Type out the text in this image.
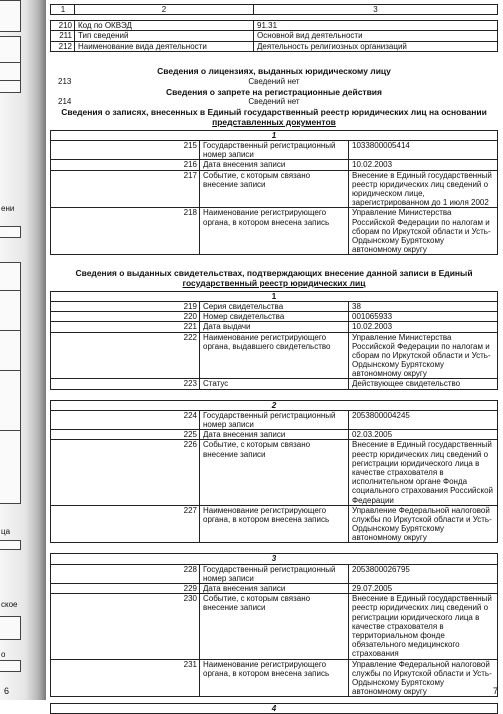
ени
ца
ское
о
6
1	2	3

210	Код по ОКВЭД	91.31
211	Тип сведений	Основной вид деятельности
212	Наименование вида деятельности	Деятельность религиозных организаций

Сведения о лицензиях, выданных юридическому лицу

213	Сведений нет

Сведения о запрете на регистрационные действия

214	Сведений нет

Сведения о записях, внесенных в Единый государственный реестр юридических лиц на основании

представленных документов

1		
215	Государственный регистрационный номер записи	1033800005414
216	Дата внесения записи	10.02.2003
217	Событие, с которым связано внесение записи	Внесение в Единый государственный реестр юридических лиц сведений о юридическом лице, зарегистрированном до 1 июля 2002
218	Наименование регистрирующего органа, в котором внесена запись	Управление Министерства Российской Федерации по налогам и сборам по Иркутской области и Усть-Ордынскому Бурятскому автономному округу

Сведения о выданных свидетельствах, подтверждающих внесение данной записи в Единый

государственный реестр юридических лиц

1		
219	Серия свидетельства	38
220	Номер свидетельства	001065933
221	Дата выдачи	10.02.2003
222	Наименование регистрирующего органа, выдавшего свидетельство	Управление Министерства Российской Федерации по налогам и сборам по Иркутской области и Усть-Ордынскому Бурятскому автономному округу
223	Статус	Действующее свидетельство
2		
224	Государственный регистрационный номер записи	2053800004245
225	Дата внесения записи	02.03.2005
226	Событие, с которым связано внесение записи	Внесение в Единый государственный реестр юридических лиц сведений о регистрации юридического лица в качестве страхователя в исполнительном органе Фонда социального страхования Российской Федерации
227	Наименование регистрирующего органа, в котором внесена запись	Управление Федеральной налоговой службы по Иркутской области и Усть-Ордынскому Бурятскому автономному округу
3		
228	Государственный регистрационный номер записи	2053800026795
229	Дата внесения записи	29.07.2005
230	Событие, с которым связано внесение записи	Внесение в Единый государственный реестр юридических лиц сведений о регистрации юридического лица в качестве страхователя в территориальном фонде обязательного медицинского страхования
231	Наименование регистрирующего органа, в котором внесена запись	Управление Федеральной налоговой службы по Иркутской области и Усть-Ордынскому Бурятскому автономному округу
4
7
